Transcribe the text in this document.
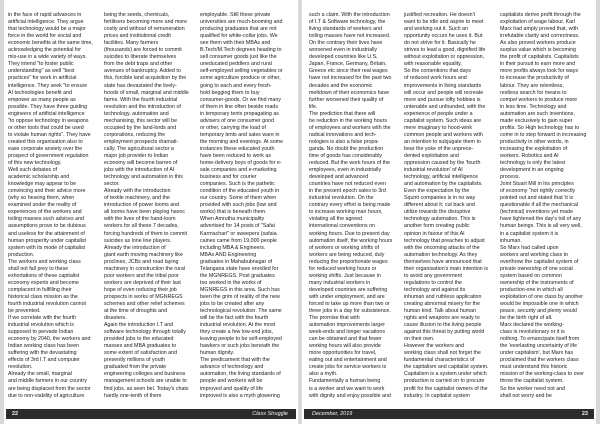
in the face of rapid advances in
artificial intelligence. They argue
that technology would be a major
force in the world for social and
economic benefits at the same time,
acknowledging the potential for
mis-use in a wide variety of ways.
They intend "to foster public
understanding" as well "best
practices" for work in artificial
intelligence. They seek "to ensure
AI technologies benefit and
empower as many people as
possible. They have three guiding
engineers of artificial intelligence
"to oppose technology in weapons
or other tools that could be used
to violate human rights". They have
created this organisation also to
ease corporate anxiety over the
prospect of government regulation
of this new technology.
Well such debates of
academic scholarship and
knowledge may appear to be
convincing and their advice more
(why so hearing them, when
examined under the reality of
experiences of the workers and
toiling masses such advices and
assumptions prove to be dubious
and useless for the attainment of
human prosperity under capitalist
system with its mode of capitalist
production.
The workers and working class
shall not fall prey to these
exhortations of these capitalist
economy experts and become
complacent in fulfilling their
historical class mission as the
fourth industrial revolution cannot
be prevented.
If we correlate with the fourth
industrial revolution which is
supposed to pervade Indian
economy by 2040, the workers and
Indian working class has been
suffering with the devastating
effects of 3rd I.T and computer
revolution.
Already the small, marginal
and middle farmers in our country
are being displaced from the sector
due to non-viability of agriculture

being the seeds, chemicals,
fertilisers becoming more and more
costly and without of remuneration
prices and institutional credit
facilities. Many farmers
(thousands) are forced to commit
suicides to liberate themselves
from the debt traps and other
avenues of bankruptcy. Added to
this, forcible land acquisition by the
state has devastated the lively-
hoods of small, marginal and middle
farms. With the fourth industrial
revolution and the introduction of
technology, automation and
mechanising, this sector will be
occupied by the land-lords and
corporations, reducing the
employment prospects dramati-
cally. The agricultural sector a
major job provider to Indian
economy will become barren of
jobs with the introduction of AI
technology and automation in this
sector.
Already with the introduction
of textile machinery, and the
introduction of power looms and
all looms have been playing havoc
with the lives of the hand-loom
workers for all these 7 decades,
forcing hundreds of them to commit
suicides as lone line players.
Already the introduction of
giant earth moving machinery like
proclines, JCBs and road laying
machinery in construction the rural
poor workers and the tribal poor
workers are deprived of their last
hope of even reducing their job
prospects in works of MGNREGS
schemes and other relief schemes
at the time of droughts and
disasters.
Again the introduction I.T and
software technology through totally
provided jobs to the educated
masses and MBA graduates to
some extent of satisfaction and
presently millions of youth
graduated from the private
engineering colleges and business
management schools are unable to
find jobs, as seen bel. Today's chats
hardly one-tenth of them

employable. Still these private
universities are much-booming and
producing graduates that are not
qualified for white-collar jobs. We
see them with their MBAs and
B.Tech/M.Tech degrees heading to
sell consumer goods just like the
uneducated peddlers and rural
self-employed selling vegetables or
some agriculture produce or other,
going to each and every fresh-
hold begging them to buy
consumer-goods. Or we find many
of them in line often beside roads
in temporary tents propagating as
advisers of one consumer good
or other, carrying the load of
temporary tents and sales ware in
the morning and evenings. At some
instances these educated youth
have been reduced to work as
home-delivery boys of goods for e-
sale companies and e-marketing
business and for courier
companies. Such is the pathetic
condition of the educated youth in
our country. Some of them when
provided with such jobs (low and
works) that is beneath them.
When Amrutha municipality
advertised for 14 posts of "Safai
Karmachari" or sweepers (safaia
caines came from 19,000 people
including MBA & Engineers.
MBAs AND Engineering
graduates in Mahabubnagar of
Telangana state have enrolled for
the MGNREGS. Post graduates
too worked in the works of
MGNREGS in this area. Such has
been the grim of reality of the new
jobs to be created after any
technological revolution. The same
will be the fact with the fourth
industrial revolution. At the most
they create a few low-end jobs,
leaving people to be self-employed
hawkers or such jobs beneath the
human dignity.
The predicament that with the
advance of technology and
automation, the living standards of
people and workers will be
improved and quality of life
improved is also a myth glowering

such a claim. With the introduction
of I.T & Software technology, the
living standards of workers and
toiling masses have not increased.
On the contrary their lives have
worsened even in industrially
developed countries like U.S,
Japan, France, Germany, Britain,
Greece etc since their real wages
have not increased for the past two
decades and the economic
meltdown of their economics have
further worsened their quality of
life.
The prediction that there will
be reduction in the working hours
of employees and workers with the
radical innovations and tech-
nologies is also a false propa-
ganda. No doubt the production
time of goods has considerably
reduced. But the work hours of the
employees, even in industrially
developed and advanced
countries have not reduced even
in the present epoch sales to 3rd
industrial revolution. On the
contrary every effort is being made
to increase working man hours,
violating all the agreed
international conventions on
working hours. Due to present day
automation itself, the working hours
of workers or working shifts of
workers are being reduced, duly
reducing the proportionate wages
for reduced working hours or
working shifts. Just because in
many industrial workers in
developed countries are suffering
with under employment, and are
forced to take up more than two or
three jobs in a day for subsistence.
The promise that with
automation improvements larger
week-ends and longer vacations
can be obtained and that fewer
working hours will also provide
more opportunities for travel,
eating out and entertainment and
create jobs for service workers is
also a myth.
Fundamentally a human being
is a worker and we want to work
with dignity and enjoy possible and

justified recreation. He doesn't
want to be idle and aspire to meet
and working out it. Such an
opportunity occurs he uses it. But
do not strive for it. Basically he
strives to lead a good, dignified life
without exploitation or oppression,
with reasonable equality.
So the contentions that days
of reduced work hours and
improvements in living standards
will occur and people will recreate
more and pursue lofty hobbies is
untenable and unfounded, with the
experience of people under a
capitalist system. Such ideas are
mere imaginary to hood-wink
common people and workers with
an intention to subjugate them to
bear the yoke of the unprece-
dented exploitation and
oppression caused by the 'fourth
industrial revolution' of AI
technology, artificial intelligence
and automation by the capitalists.
Even the expectation by the
Squint companies is in no way
different about it; cut back and
utilize towards the disruptive
technology automation. This is
another form creating public
opinion in favour of this AI
technology that preaches to adjust
with the oncoming attacks of the
automation technology. As they
themselves have announced that
their organisation's main intention is
to avoid any government
regulations to control the
technology and against its
inhuman and ruthless application
creating abnormal misery for the
human kind. Talk about human
rights and weapons are ready to
cause illusion to the living people
against this threat by putting world
on their own.
However the workers and
working class shall not forget the
fundamental characteristics of
the capitalism and capitalist system.
Capitalism is a system under which
production is carried on to procure
profit for the capitalist owners of the
industry. In capitalist system

capitalists derive profit through the
exploitation of wage labour. Karl
Marx had amply proved that, with
irrefutable clarity and correctness.
As also proved workers produce
surplus value which is becoming
the profit of capitalists. Capitalists
in their pursuit to earn more and
more profits always look for ways
to increase the productivity of
labour. They are relentless,
restless search for means to
compel workers to produce more
in less time. Technology and
automation are such inventions,
made exclusively to gain super
profits. So High technology has to
come in to step forward in increasing
productivity in other words, in
increasing the exploitation of
workers. Robotics and AI
technology is only the latest
development in an ongoing
process.
Joint Stuart Mill in his principles
of economy "not rightly correctly
pointed out and stated that 'it is
questionable if all the mechanical
(technical) inventions yet made
have lightened the day's toil of any
human beings. This is all very well,
in a capitalist system it is
inhuman.
So Marx had called upon
workers and working class to
overthrow the capitalist system of
private ownership of one social
system based on common
ownership of the instruments of
production-one in which all
exploitation of one class by another
would be impossible one in which
peace, security and plenty would
be the birth right of all.
Marx declared the working-
class is revolutionary or it is
nothing. To emancipate itself from
the 'everlasting uncertainty of life
under capitalism', but Marx has
proclaimed that the workers class
must understand this historic
mission of the working-class to over
throw the capitalist system.
So the worker need not and
shall not worry and be

22	Class Struggle	December, 2019	23
